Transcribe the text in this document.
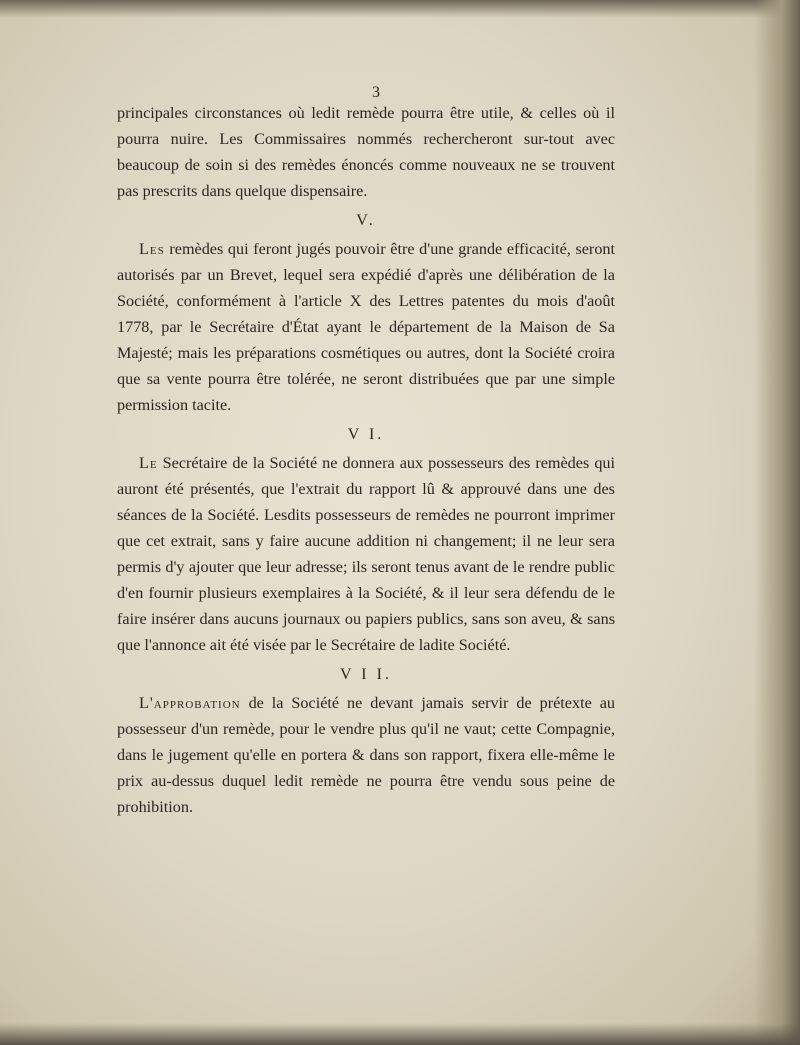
3

principales circonstances où ledit remède pourra être utile, & celles où il pourra nuire. Les Commissaires nommés rechercheront sur-tout avec beaucoup de soin si des remèdes énoncés comme nouveaux ne se trouvent pas prescrits dans quelque dispensaire.

V.

Les remèdes qui feront jugés pouvoir être d'une grande efficacité, seront autorisés par un Brevet, lequel sera expédié d'après une délibération de la Société, conformément à l'article X des Lettres patentes du mois d'août 1778, par le Secrétaire d'État ayant le département de la Maison de Sa Majesté; mais les préparations cosmétiques ou autres, dont la Société croira que sa vente pourra être tolérée, ne seront distribuées que par une simple permission tacite.

V I.

Le Secrétaire de la Société ne donnera aux possesseurs des remèdes qui auront été présentés, que l'extrait du rapport lû & approuvé dans une des séances de la Société. Lesdits possesseurs de remèdes ne pourront imprimer que cet extrait, sans y faire aucune addition ni changement; il ne leur sera permis d'y ajouter que leur adresse; ils seront tenus avant de le rendre public d'en fournir plusieurs exemplaires à la Société, & il leur sera défendu de le faire insérer dans aucuns journaux ou papiers publics, sans son aveu, & sans que l'annonce ait été visée par le Secrétaire de ladite Société.

V I I.

L'approbation de la Société ne devant jamais servir de prétexte au possesseur d'un remède, pour le vendre plus qu'il ne vaut; cette Compagnie, dans le jugement qu'elle en portera & dans son rapport, fixera elle-même le prix au-dessus duquel ledit remède ne pourra être vendu sous peine de prohibition.
